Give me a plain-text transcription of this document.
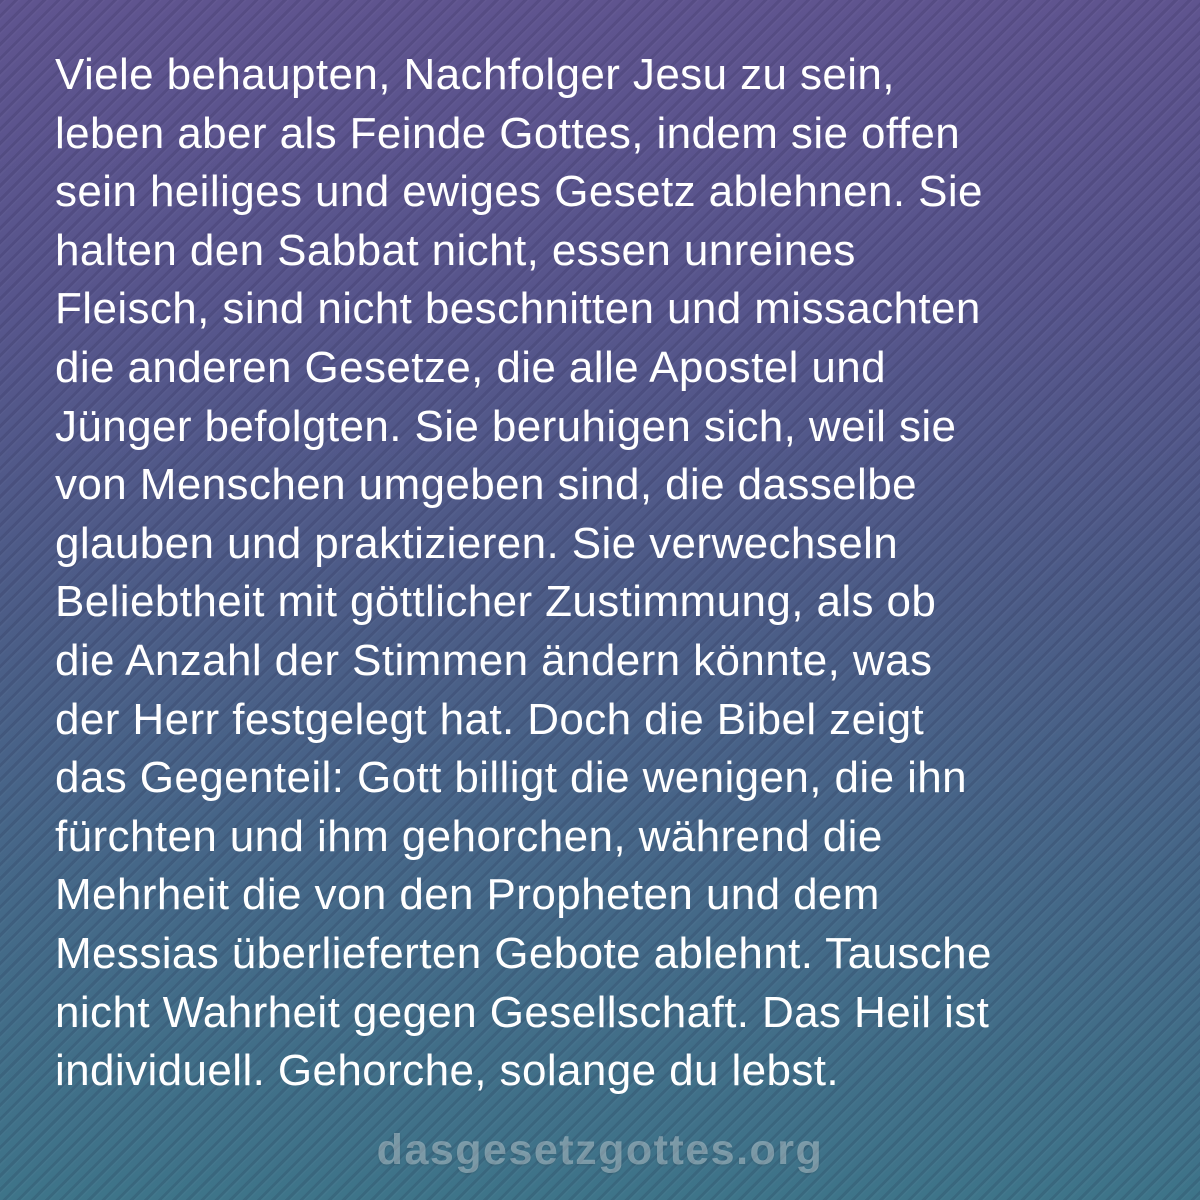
Viele behaupten, Nachfolger Jesu zu sein,
leben aber als Feinde Gottes, indem sie offen
sein heiliges und ewiges Gesetz ablehnen. Sie
halten den Sabbat nicht, essen unreines
Fleisch, sind nicht beschnitten und missachten
die anderen Gesetze, die alle Apostel und
Jünger befolgten. Sie beruhigen sich, weil sie
von Menschen umgeben sind, die dasselbe
glauben und praktizieren. Sie verwechseln
Beliebtheit mit göttlicher Zustimmung, als ob
die Anzahl der Stimmen ändern könnte, was
der Herr festgelegt hat. Doch die Bibel zeigt
das Gegenteil: Gott billigt die wenigen, die ihn
fürchten und ihm gehorchen, während die
Mehrheit die von den Propheten und dem
Messias überlieferten Gebote ablehnt. Tausche
nicht Wahrheit gegen Gesellschaft. Das Heil ist
individuell. Gehorche, solange du lebst.
dasgesetzgottes.org
